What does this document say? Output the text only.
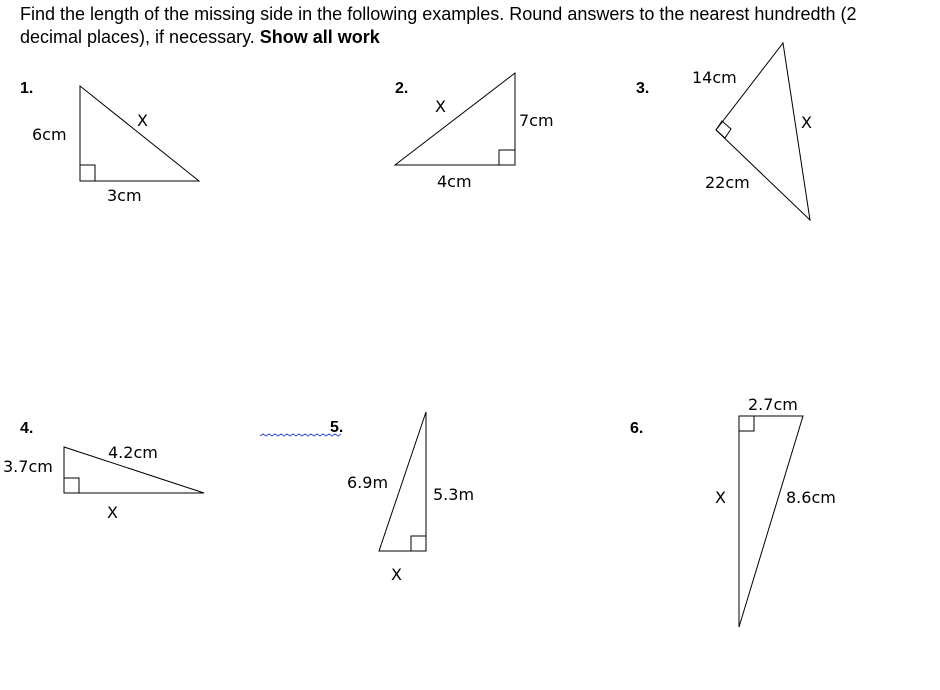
Find the length of the missing side in the following examples. Round answers to the nearest hundredth (2 decimal places), if necessary. Show all work
1.
6cm
3cm
X
2.
7cm
4cm
X
3.
14cm
22cm
X
4.
3.7cm
X
4.2cm
5.
5.3m
X
6.9m
6.
2.7cm
X	8.6cm
